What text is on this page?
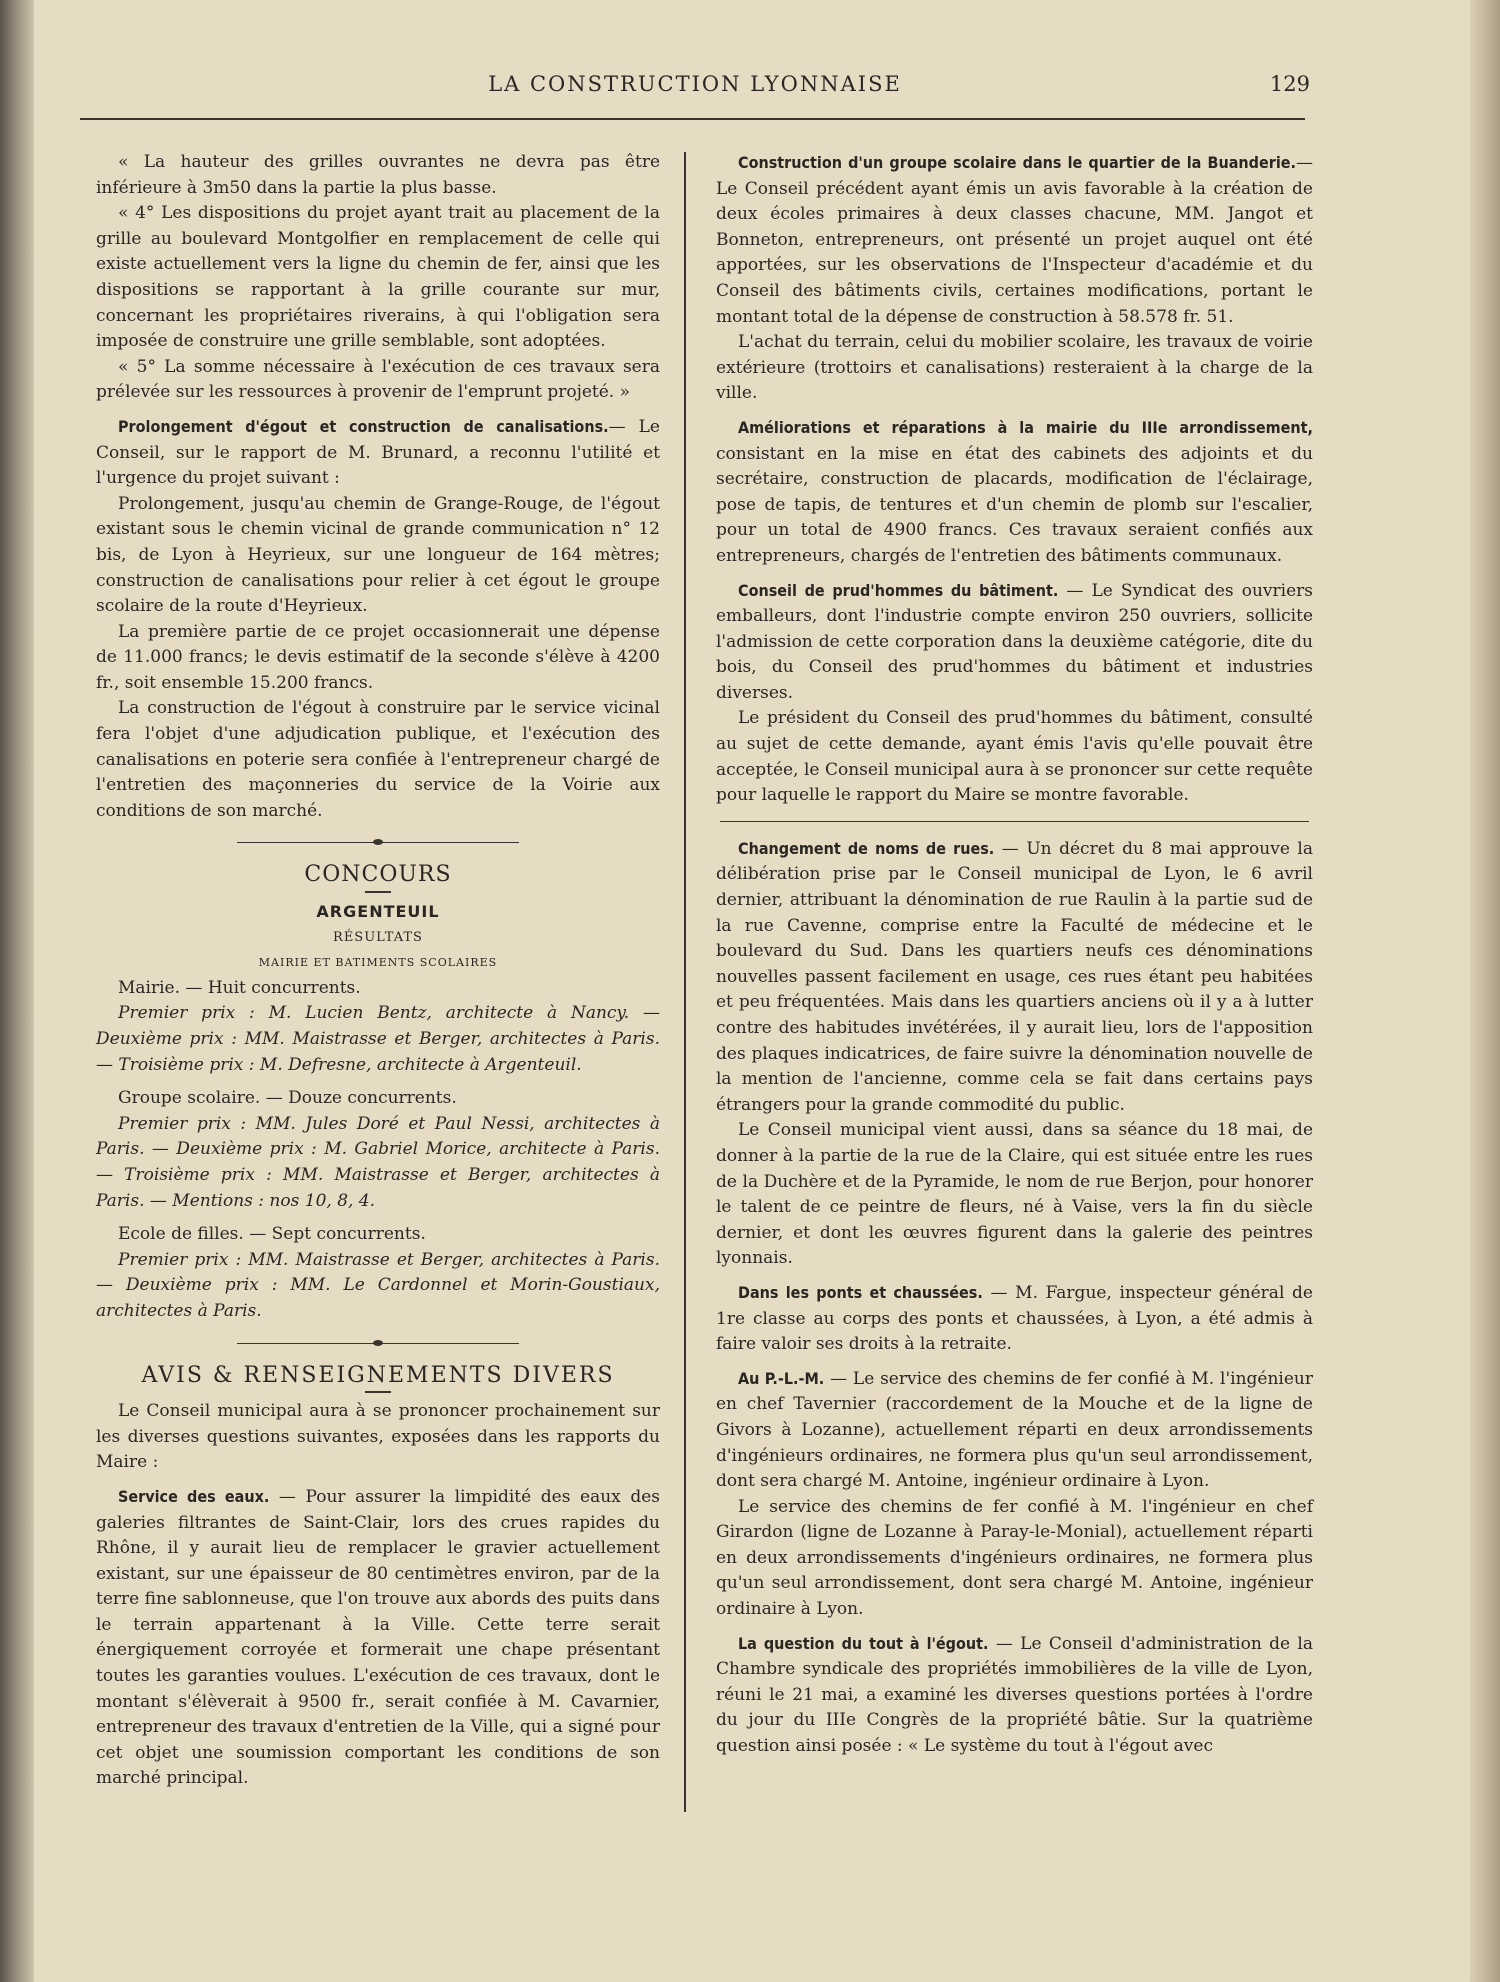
LA CONSTRUCTION LYONNAISE	129

« La hauteur des grilles ouvrantes ne devra pas être inférieure à 3m50 dans la partie la plus basse.

« 4° Les dispositions du projet ayant trait au placement de la grille au boulevard Montgolfier en remplacement de celle qui existe actuellement vers la ligne du chemin de fer, ainsi que les dispositions se rapportant à la grille courante sur mur, concernant les propriétaires riverains, à qui l'obligation sera imposée de construire une grille semblable, sont adoptées.

« 5° La somme nécessaire à l'exécution de ces travaux sera prélevée sur les ressources à provenir de l'emprunt projeté. »

Prolongement d'égout et construction de canalisations.— Le Conseil, sur le rapport de M. Brunard, a reconnu l'utilité et l'urgence du projet suivant :

Prolongement, jusqu'au chemin de Grange-Rouge, de l'égout existant sous le chemin vicinal de grande communication n° 12 bis, de Lyon à Heyrieux, sur une longueur de 164 mètres; construction de canalisations pour relier à cet égout le groupe scolaire de la route d'Heyrieux.

La première partie de ce projet occasionnerait une dépense de 11.000 francs; le devis estimatif de la seconde s'élève à 4200 fr., soit ensemble 15.200 francs.

La construction de l'égout à construire par le service vicinal fera l'objet d'une adjudication publique, et l'exécution des canalisations en poterie sera confiée à l'entrepreneur chargé de l'entretien des maçonneries du service de la Voirie aux conditions de son marché.

CONCOURS

ARGENTEUIL

RÉSULTATS

MAIRIE ET BATIMENTS SCOLAIRES

Mairie. — Huit concurrents.

Premier prix : M. Lucien Bentz, architecte à Nancy. — Deuxième prix : MM. Maistrasse et Berger, architectes à Paris. — Troisième prix : M. Defresne, architecte à Argenteuil.

Groupe scolaire. — Douze concurrents.

Premier prix : MM. Jules Doré et Paul Nessi, architectes à Paris. — Deuxième prix : M. Gabriel Morice, architecte à Paris. — Troisième prix : MM. Maistrasse et Berger, architectes à Paris. — Mentions : nos 10, 8, 4.

Ecole de filles. — Sept concurrents.

Premier prix : MM. Maistrasse et Berger, architectes à Paris. — Deuxième prix : MM. Le Cardonnel et Morin-Goustiaux, architectes à Paris.

AVIS & RENSEIGNEMENTS DIVERS

Le Conseil municipal aura à se prononcer prochainement sur les diverses questions suivantes, exposées dans les rapports du Maire :

Service des eaux. — Pour assurer la limpidité des eaux des galeries filtrantes de Saint-Clair, lors des crues rapides du Rhône, il y aurait lieu de remplacer le gravier actuellement existant, sur une épaisseur de 80 centimètres environ, par de la terre fine sablonneuse, que l'on trouve aux abords des puits dans le terrain appartenant à la Ville. Cette terre serait énergiquement corroyée et formerait une chape présentant toutes les garanties voulues. L'exécution de ces travaux, dont le montant s'élèverait à 9500 fr., serait confiée à M. Cavarnier, entrepreneur des travaux d'entretien de la Ville, qui a signé pour cet objet une soumission comportant les conditions de son marché principal.

Construction d'un groupe scolaire dans le quartier de la Buanderie.— Le Conseil précédent ayant émis un avis favorable à la création de deux écoles primaires à deux classes chacune, MM. Jangot et Bonneton, entrepreneurs, ont présenté un projet auquel ont été apportées, sur les observations de l'Inspecteur d'académie et du Conseil des bâtiments civils, certaines modifications, portant le montant total de la dépense de construction à 58.578 fr. 51.

L'achat du terrain, celui du mobilier scolaire, les travaux de voirie extérieure (trottoirs et canalisations) resteraient à la charge de la ville.

Améliorations et réparations à la mairie du IIIe arrondissement, consistant en la mise en état des cabinets des adjoints et du secrétaire, construction de placards, modification de l'éclairage, pose de tapis, de tentures et d'un chemin de plomb sur l'escalier, pour un total de 4900 francs. Ces travaux seraient confiés aux entrepreneurs, chargés de l'entretien des bâtiments communaux.

Conseil de prud'hommes du bâtiment. — Le Syndicat des ouvriers emballeurs, dont l'industrie compte environ 250 ouvriers, sollicite l'admission de cette corporation dans la deuxième catégorie, dite du bois, du Conseil des prud'hommes du bâtiment et industries diverses.

Le président du Conseil des prud'hommes du bâtiment, consulté au sujet de cette demande, ayant émis l'avis qu'elle pouvait être acceptée, le Conseil municipal aura à se prononcer sur cette requête pour laquelle le rapport du Maire se montre favorable.

Changement de noms de rues. — Un décret du 8 mai approuve la délibération prise par le Conseil municipal de Lyon, le 6 avril dernier, attribuant la dénomination de rue Raulin à la partie sud de la rue Cavenne, comprise entre la Faculté de médecine et le boulevard du Sud. Dans les quartiers neufs ces dénominations nouvelles passent facilement en usage, ces rues étant peu habitées et peu fréquentées. Mais dans les quartiers anciens où il y a à lutter contre des habitudes invétérées, il y aurait lieu, lors de l'apposition des plaques indicatrices, de faire suivre la dénomination nouvelle de la mention de l'ancienne, comme cela se fait dans certains pays étrangers pour la grande commodité du public.

Le Conseil municipal vient aussi, dans sa séance du 18 mai, de donner à la partie de la rue de la Claire, qui est située entre les rues de la Duchère et de la Pyramide, le nom de rue Berjon, pour honorer le talent de ce peintre de fleurs, né à Vaise, vers la fin du siècle dernier, et dont les œuvres figurent dans la galerie des peintres lyonnais.

Dans les ponts et chaussées. — M. Fargue, inspecteur général de 1re classe au corps des ponts et chaussées, à Lyon, a été admis à faire valoir ses droits à la retraite.

Au P.-L.-M. — Le service des chemins de fer confié à M. l'ingénieur en chef Tavernier (raccordement de la Mouche et de la ligne de Givors à Lozanne), actuellement réparti en deux arrondissements d'ingénieurs ordinaires, ne formera plus qu'un seul arrondissement, dont sera chargé M. Antoine, ingénieur ordinaire à Lyon.

Le service des chemins de fer confié à M. l'ingénieur en chef Girardon (ligne de Lozanne à Paray-le-Monial), actuellement réparti en deux arrondissements d'ingénieurs ordinaires, ne formera plus qu'un seul arrondissement, dont sera chargé M. Antoine, ingénieur ordinaire à Lyon.

La question du tout à l'égout. — Le Conseil d'administration de la Chambre syndicale des propriétés immobilières de la ville de Lyon, réuni le 21 mai, a examiné les diverses questions portées à l'ordre du jour du IIIe Congrès de la propriété bâtie. Sur la quatrième question ainsi posée : « Le système du tout à l'égout avec
